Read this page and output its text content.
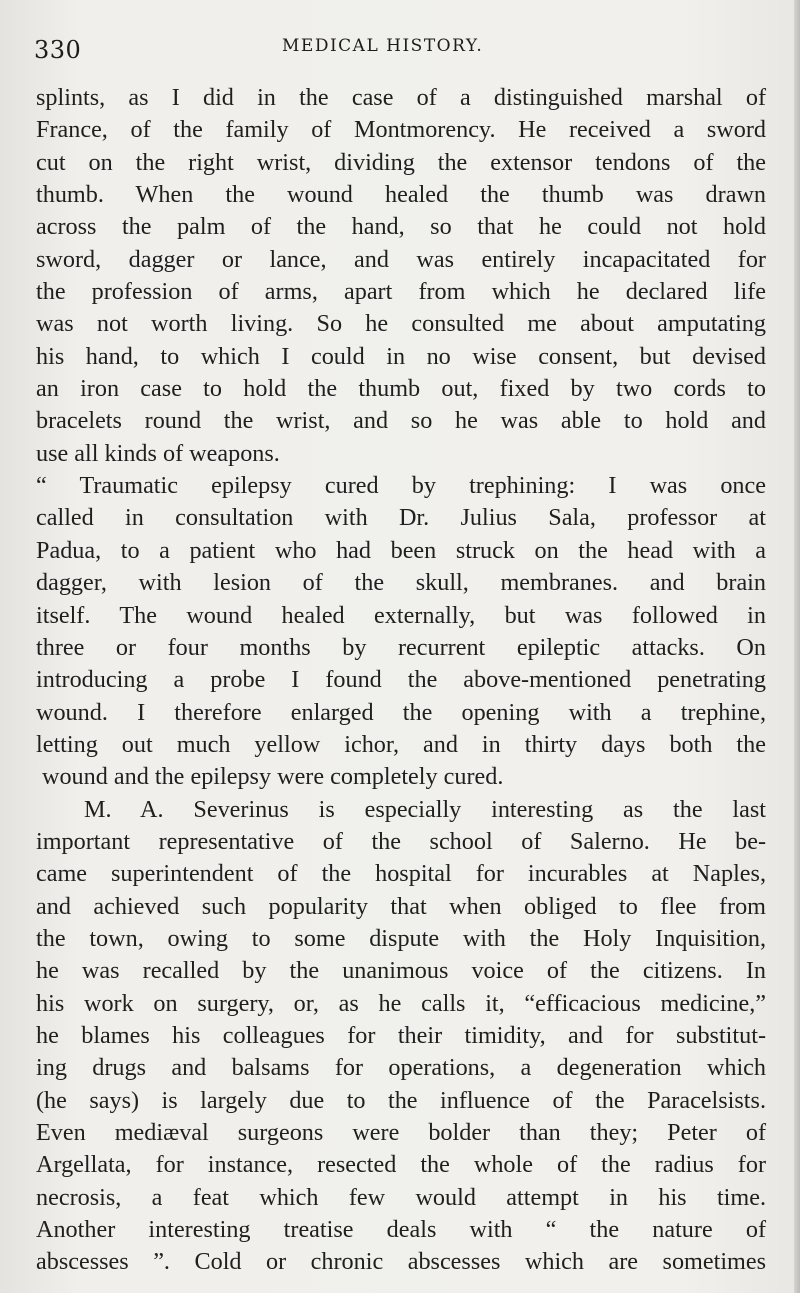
330	MEDICAL HISTORY.
splints, as I did in the case of a distinguished marshal of
France, of the family of Montmorency. He received a sword
cut on the right wrist, dividing the extensor tendons of the
thumb. When the wound healed the thumb was drawn
across the palm of the hand, so that he could not hold
sword, dagger or lance, and was entirely incapacitated for
the profession of arms, apart from which he declared life
was not worth living. So he consulted me about amputating
his hand, to which I could in no wise consent, but devised
an iron case to hold the thumb out, fixed by two cords to
bracelets round the wrist, and so he was able to hold and
use all kinds of weapons.
“ Traumatic epilepsy cured by trephining: I was once
called in consultation with Dr. Julius Sala, professor at
Padua, to a patient who had been struck on the head with a
dagger, with lesion of the skull, membranes. and brain
itself. The wound healed externally, but was followed in
three or four months by recurrent epileptic attacks. On
introducing a probe I found the above-mentioned penetrating
wound. I therefore enlarged the opening with a trephine,
letting out much yellow ichor, and in thirty days both the
wound and the epilepsy were completely cured.
M. A. Severinus is especially interesting as the last
important representative of the school of Salerno. He be-
came superintendent of the hospital for incurables at Naples,
and achieved such popularity that when obliged to flee from
the town, owing to some dispute with the Holy Inquisition,
he was recalled by the unanimous voice of the citizens. In
his work on surgery, or, as he calls it, “efficacious medicine,”
he blames his colleagues for their timidity, and for substitut-
ing drugs and balsams for operations, a degeneration which
(he says) is largely due to the influence of the Paracelsists.
Even mediæval surgeons were bolder than they; Peter of
Argellata, for instance, resected the whole of the radius for
necrosis, a feat which few would attempt in his time.
Another interesting treatise deals with “ the nature of
abscesses ”. Cold or chronic abscesses which are sometimes
